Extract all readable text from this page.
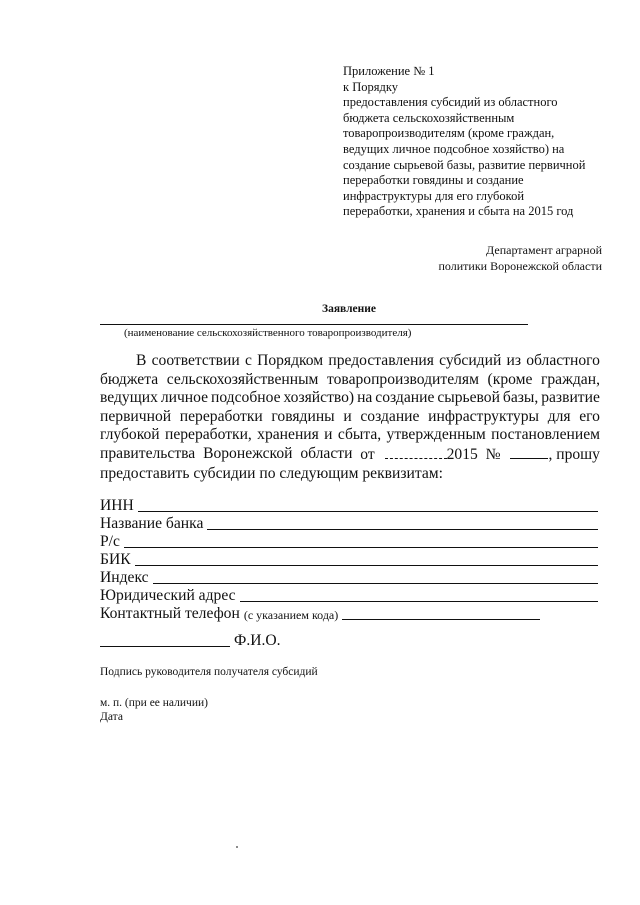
Приложение № 1
к Порядку
предоставления субсидий из областного
бюджета сельскохозяйственным
товаропроизводителям (кроме граждан,
ведущих личное подсобное хозяйство) на
создание сырьевой базы, развитие первичной
переработки говядины и создание
инфраструктуры для его глубокой
переработки, хранения и сбыта на 2015 год
Департамент аграрной
политики Воронежской области
Заявление
(наименование сельскохозяйственного товаропроизводителя)
В соответствии с Порядком предоставления субсидий из областного
бюджета сельскохозяйственным товаропроизводителям (кроме граждан,
ведущих личное подсобное хозяйство) на создание сырьевой базы, развитие
первичной переработки говядины и создание инфраструктуры для его
глубокой переработки, хранения и сбыта, утвержденным постановлением
правительства Воронежской области от	2015 №	, прошу
предоставить субсидии по следующим реквизитам:
ИНН
Название банка
Р/с
БИК
Индекс
Юридический адрес
Контактный телефон (с указанием кода)
Ф.И.О.
Подпись руководителя получателя субсидий
м. п. (при ее наличии)
Дата
